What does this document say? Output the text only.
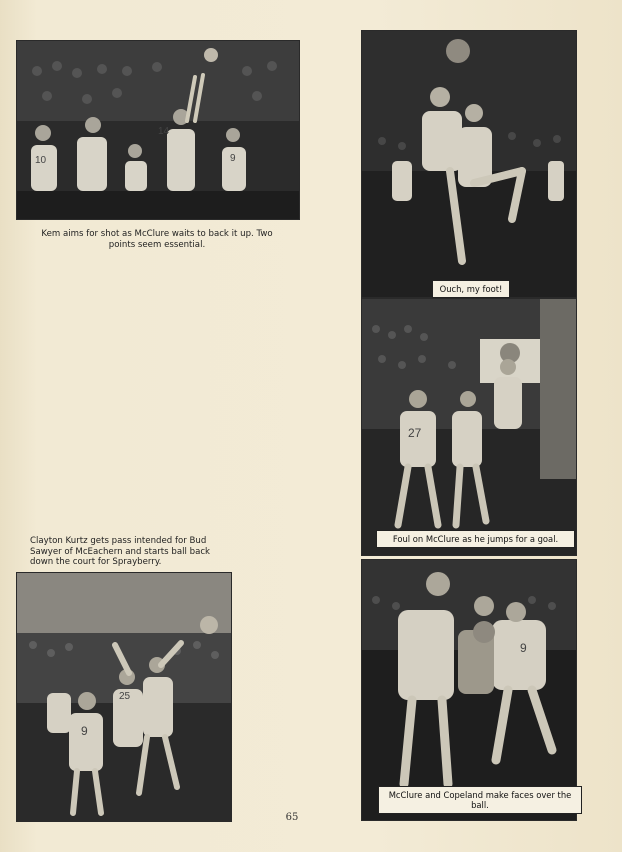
10
14
9
Kem aims for shot as McClure waits to back it up. Two points seem essential.
Ouch, my foot!
27
Foul on McClure as he jumps for a goal.
9
McClure and Copeland make faces over the ball.
Clayton Kurtz gets pass intended for Bud Sawyer of McEachern and starts ball back down the court for Sprayberry.
9
25
65
